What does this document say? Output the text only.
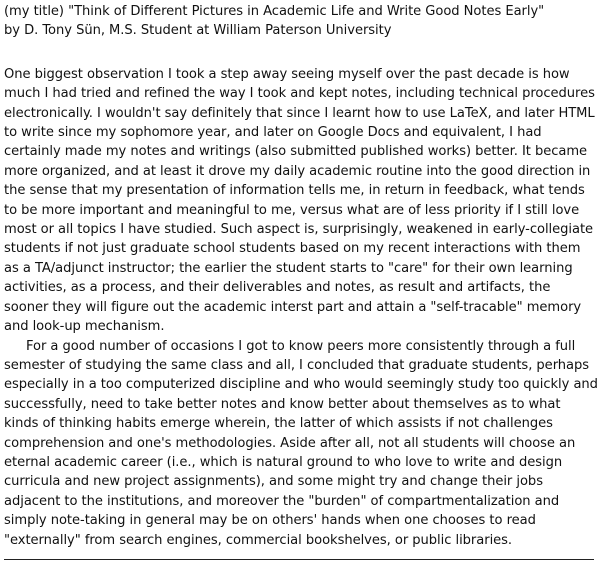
(my title) "Think of Different Pictures in Academic Life and Write Good Notes Early"

by D. Tony Sün, M.S. Student at William Paterson University

One biggest observation I took a step away seeing myself over the past decade is how much I had tried and refined the way I took and kept notes, including technical procedures electronically. I wouldn't say definitely that since I learnt how to use LaTeX, and later HTML to write since my sophomore year, and later on Google Docs and equivalent, I had certainly made my notes and writings (also submitted published works) better. It became more organized, and at least it drove my daily academic routine into the good direction in the sense that my presentation of information tells me, in return in feedback, what tends to be more important and meaningful to me, versus what are of less priority if I still love most or all topics I have studied. Such aspect is, surprisingly, weakened in early-collegiate students if not just graduate school students based on my recent interactions with them as a TA/adjunct instructor; the earlier the student starts to "care" for their own learning activities, as a process, and their deliverables and notes, as result and artifacts, the sooner they will figure out the academic interst part and attain a "self-tracable" memory and look-up mechanism.

For a good number of occasions I got to know peers more consistently through a full semester of studying the same class and all, I concluded that graduate students, perhaps especially in a too computerized discipline and who would seemingly study too quickly and successfully, need to take better notes and know better about themselves as to what kinds of thinking habits emerge wherein, the latter of which assists if not challenges comprehension and one's methodologies. Aside after all, not all students will choose an eternal academic career (i.e., which is natural ground to who love to write and design curricula and new project assignments), and some might try and change their jobs adjacent to the institutions, and moreover the "burden" of compartmentalization and simply note-taking in general may be on others' hands when one chooses to read "externally" from search engines, commercial bookshelves, or public libraries.
